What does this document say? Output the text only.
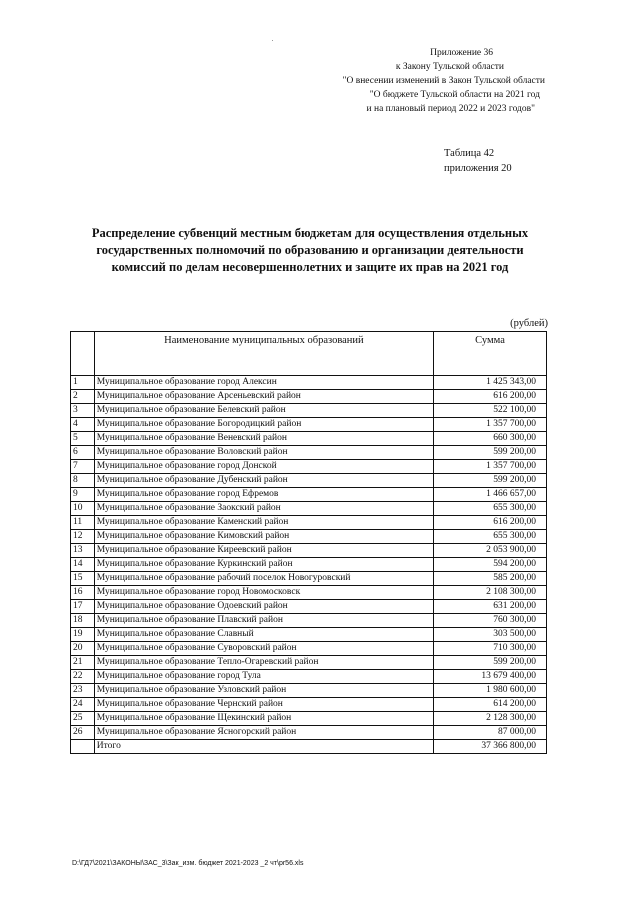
Приложение 36
к Закону Тульской области
"О внесении изменений в Закон Тульской области
"О бюджете Тульской области на 2021 год
и на плановый период 2022 и 2023 годов"
Таблица 42
приложения 20
Распределение субвенций местным бюджетам для осуществления отдельных
государственных полномочий по образованию и организации деятельности
комиссий по делам несовершеннолетних и защите их прав на 2021 год
(рублей)
	Наименование муниципальных образований	Сумма
1	Муниципальное образование город Алексин	1 425 343,00
2	Муниципальное образование Арсеньевский район	616 200,00
3	Муниципальное образование Белевский район	522 100,00
4	Муниципальное образование Богородицкий район	1 357 700,00
5	Муниципальное образование Веневский район	660 300,00
6	Муниципальное образование Воловский район	599 200,00
7	Муниципальное образование город Донской	1 357 700,00
8	Муниципальное образование Дубенский район	599 200,00
9	Муниципальное образование город Ефремов	1 466 657,00
10	Муниципальное образование Заокский район	655 300,00
11	Муниципальное образование Каменский район	616 200,00
12	Муниципальное образование Кимовский район	655 300,00
13	Муниципальное образование Киреевский район	2 053 900,00
14	Муниципальное образование Куркинский район	594 200,00
15	Муниципальное образование рабочий поселок Новогуровский	585 200,00
16	Муниципальное образование город Новомосковск	2 108 300,00
17	Муниципальное образование Одоевский район	631 200,00
18	Муниципальное образование Плавский район	760 300,00
19	Муниципальное образование Славный	303 500,00
20	Муниципальное образование Суворовский район	710 300,00
21	Муниципальное образование Тепло-Огаревский район	599 200,00
22	Муниципальное образование город Тула	13 679 400,00
23	Муниципальное образование Узловский район	1 980 600,00
24	Муниципальное образование Чернский район	614 200,00
25	Муниципальное образование Щекинский район	2 128 300,00
26	Муниципальное образование Ясногорский район	87 000,00
	Итого	37 366 800,00
D:\ГД7\2021\ЗАКОНЫ\ЗАС_3\Зак_изм. бюджет 2021-2023 _2 чт\pr56.xls
